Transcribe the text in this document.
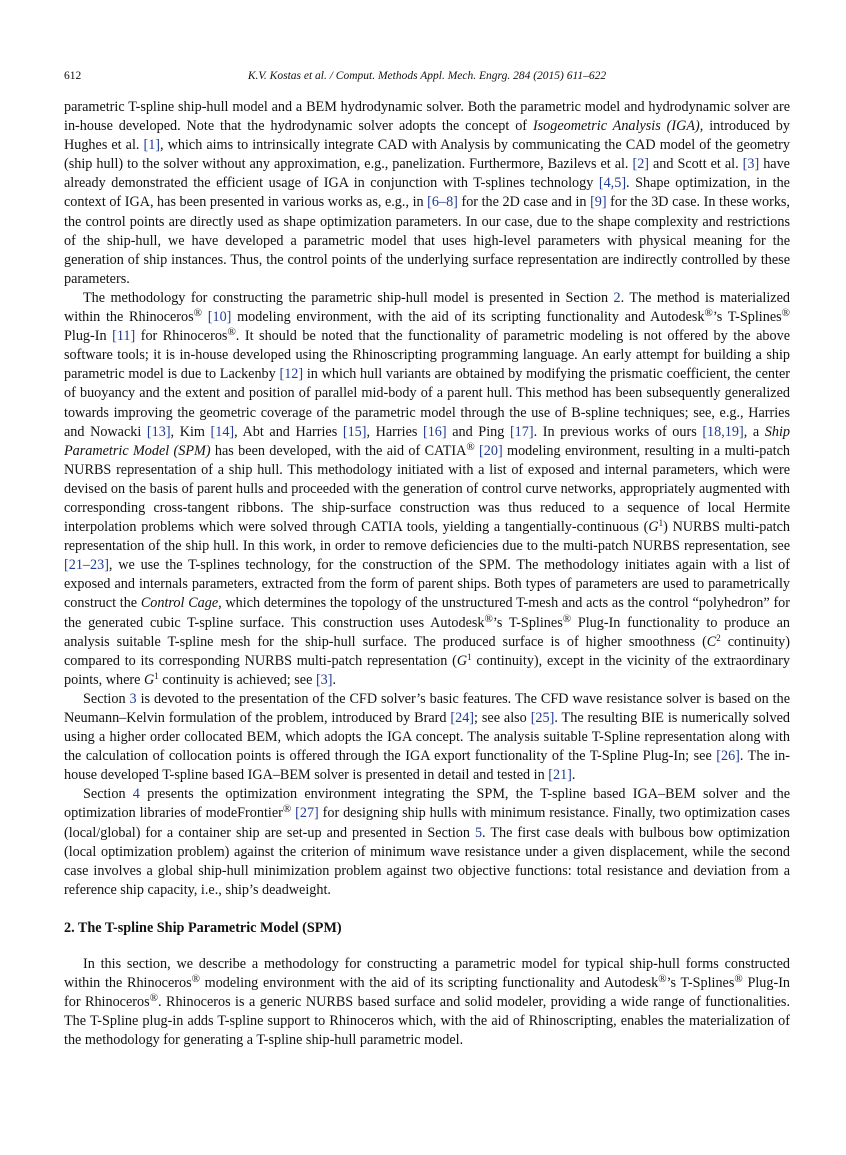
612	K.V. Kostas et al. / Comput. Methods Appl. Mech. Engrg. 284 (2015) 611–622

parametric T-spline ship-hull model and a BEM hydrodynamic solver. Both the parametric model and hydrodynamic solver are in-house developed. Note that the hydrodynamic solver adopts the concept of Isogeometric Analysis (IGA), introduced by Hughes et al. [1], which aims to intrinsically integrate CAD with Analysis by communicating the CAD model of the geometry (ship hull) to the solver without any approximation, e.g., panelization. Furthermore, Bazilevs et al. [2] and Scott et al. [3] have already demonstrated the efficient usage of IGA in conjunction with T-splines technology [4,5]. Shape optimization, in the context of IGA, has been presented in various works as, e.g., in [6–8] for the 2D case and in [9] for the 3D case. In these works, the control points are directly used as shape optimization parameters. In our case, due to the shape complexity and restrictions of the ship-hull, we have developed a parametric model that uses high-level parameters with physical meaning for the generation of ship instances. Thus, the control points of the underlying surface representation are indirectly controlled by these parameters.

The methodology for constructing the parametric ship-hull model is presented in Section 2. The method is materialized within the Rhinoceros® [10] modeling environment, with the aid of its scripting functionality and Autodesk®’s T-Splines® Plug-In [11] for Rhinoceros®. It should be noted that the functionality of parametric modeling is not offered by the above software tools; it is in-house developed using the Rhinoscripting programming language. An early attempt for building a ship parametric model is due to Lackenby [12] in which hull variants are obtained by modifying the prismatic coefficient, the center of buoyancy and the extent and position of parallel mid-body of a parent hull. This method has been subsequently generalized towards improving the geometric coverage of the parametric model through the use of B-spline techniques; see, e.g., Harries and Nowacki [13], Kim [14], Abt and Harries [15], Harries [16] and Ping [17]. In previous works of ours [18,19], a Ship Parametric Model (SPM) has been developed, with the aid of CATIA® [20] modeling environment, resulting in a multi-patch NURBS representation of a ship hull. This methodology initiated with a list of exposed and internal parameters, which were devised on the basis of parent hulls and proceeded with the generation of control curve networks, appropriately augmented with corresponding cross-tangent ribbons. The ship-surface construction was thus reduced to a sequence of local Hermite interpolation problems which were solved through CATIA tools, yielding a tangentially-continuous $(G^1)$ NURBS multi-patch representation of the ship hull. In this work, in order to remove deficiencies due to the multi-patch NURBS representation, see [21–23], we use the T-splines technology, for the construction of the SPM. The methodology initiates again with a list of exposed and internals parameters, extracted from the form of parent ships. Both types of parameters are used to parametrically construct the Control Cage, which determines the topology of the unstructured T-mesh and acts as the control “polyhedron” for the generated cubic T-spline surface. This construction uses Autodesk®’s T-Splines® Plug-In functionality to produce an analysis suitable T-spline mesh for the ship-hull surface. The produced surface is of higher smoothness ($C^2$ continuity) compared to its corresponding NURBS multi-patch representation ($G^1$ continuity), except in the vicinity of the extraordinary points, where $G^1$ continuity is achieved; see [3].

Section 3 is devoted to the presentation of the CFD solver’s basic features. The CFD wave resistance solver is based on the Neumann–Kelvin formulation of the problem, introduced by Brard [24]; see also [25]. The resulting BIE is numerically solved using a higher order collocated BEM, which adopts the IGA concept. The analysis suitable T-Spline representation along with the calculation of collocation points is offered through the IGA export functionality of the T-Spline Plug-In; see [26]. The in-house developed T-spline based IGA–BEM solver is presented in detail and tested in [21].

Section 4 presents the optimization environment integrating the SPM, the T-spline based IGA–BEM solver and the optimization libraries of modeFrontier® [27] for designing ship hulls with minimum resistance. Finally, two optimization cases (local/global) for a container ship are set-up and presented in Section 5. The first case deals with bulbous bow optimization (local optimization problem) against the criterion of minimum wave resistance under a given displacement, while the second case involves a global ship-hull minimization problem against two objective functions: total resistance and deviation from a reference ship capacity, i.e., ship’s deadweight.

2. The T-spline Ship Parametric Model (SPM)

In this section, we describe a methodology for constructing a parametric model for typical ship-hull forms constructed within the Rhinoceros® modeling environment with the aid of its scripting functionality and Autodesk®’s T-Splines® Plug-In for Rhinoceros®. Rhinoceros is a generic NURBS based surface and solid modeler, providing a wide range of functionalities. The T-Spline plug-in adds T-spline support to Rhinoceros which, with the aid of Rhinoscripting, enables the materialization of the methodology for generating a T-spline ship-hull parametric model.
